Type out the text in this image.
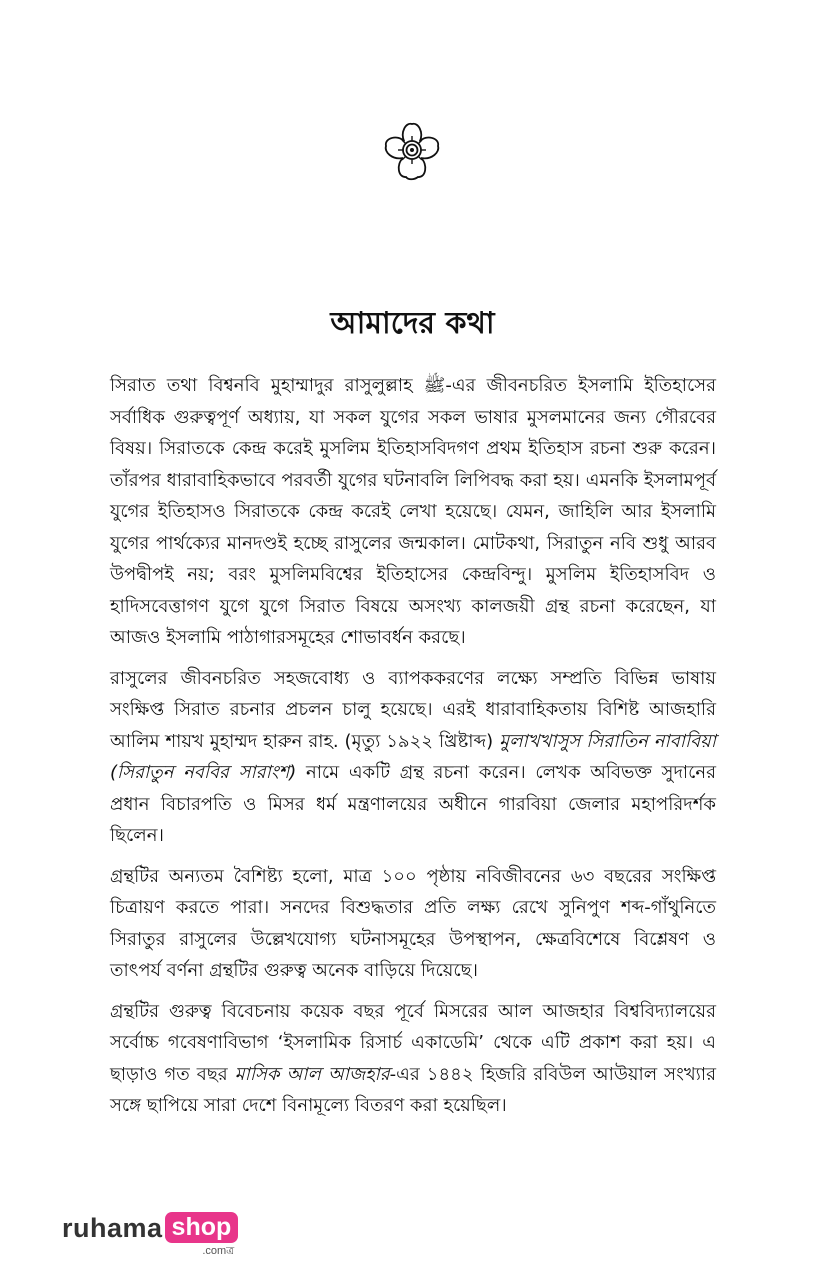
আমাদের কথা

সিরাত তথা বিশ্বনবি মুহাম্মাদুর রাসুলুল্লাহ ﷺ-এর জীবনচরিত ইসলামি ইতিহাসের সর্বাধিক গুরুত্বপূর্ণ অধ্যায়, যা সকল যুগের সকল ভাষার মুসলমানের জন্য গৌরবের বিষয়। সিরাতকে কেন্দ্র করেই মুসলিম ইতিহাসবিদগণ প্রথম ইতিহাস রচনা শুরু করেন। তাঁরপর ধারাবাহিকভাবে পরবর্তী যুগের ঘটনাবলি লিপিবদ্ধ করা হয়। এমনকি ইসলামপূর্ব যুগের ইতিহাসও সিরাতকে কেন্দ্র করেই লেখা হয়েছে। যেমন, জাহিলি আর ইসলামি যুগের পার্থক্যের মানদণ্ডই হচ্ছে রাসুলের জন্মকাল। মোটকথা, সিরাতুন নবি শুধু আরব উপদ্বীপই নয়; বরং মুসলিমবিশ্বের ইতিহাসের কেন্দ্রবিন্দু। মুসলিম ইতিহাসবিদ ও হাদিসবেত্তাগণ যুগে যুগে সিরাত বিষয়ে অসংখ্য কালজয়ী গ্রন্থ রচনা করেছেন, যা আজও ইসলামি পাঠাগারসমূহের শোভাবর্ধন করছে।

রাসুলের জীবনচরিত সহজবোধ্য ও ব্যাপককরণের লক্ষ্যে সম্প্রতি বিভিন্ন ভাষায় সংক্ষিপ্ত সিরাত রচনার প্রচলন চালু হয়েছে। এরই ধারাবাহিকতায় বিশিষ্ট আজহারি আলিম শায়খ মুহাম্মদ হারুন রাহ. (মৃত্যু ১৯২২ খ্রিষ্টাব্দ) মুলাখখাসুস সিরাতিন নাবাবিয়া (সিরাতুন নববির সারাংশ) নামে একটি গ্রন্থ রচনা করেন। লেখক অবিভক্ত সুদানের প্রধান বিচারপতি ও মিসর ধর্ম মন্ত্রণালয়ের অধীনে গারবিয়া জেলার মহাপরিদর্শক ছিলেন।

গ্রন্থটির অন্যতম বৈশিষ্ট্য হলো, মাত্র ১০০ পৃষ্ঠায় নবিজীবনের ৬৩ বছরের সংক্ষিপ্ত চিত্রায়ণ করতে পারা। সনদের বিশুদ্ধতার প্রতি লক্ষ্য রেখে সুনিপুণ শব্দ-গাঁথুনিতে সিরাতুর রাসুলের উল্লেখযোগ্য ঘটনাসমূহের উপস্থাপন, ক্ষেত্রবিশেষে বিশ্লেষণ ও তাৎপর্য বর্ণনা গ্রন্থটির গুরুত্ব অনেক বাড়িয়ে দিয়েছে।

গ্রন্থটির গুরুত্ব বিবেচনায় কয়েক বছর পূর্বে মিসরের আল আজহার বিশ্ববিদ্যালয়ের সর্বোচ্চ গবেষণাবিভাগ ‘ইসলামিক রিসার্চ একাডেমি’ থেকে এটি প্রকাশ করা হয়। এ ছাড়াও গত বছর মাসিক আল আজহার-এর ১৪৪২ হিজরি রবিউল আউয়াল সংখ্যার সঙ্গে ছাপিয়ে সারা দেশে বিনামূল্যে বিতরণ করা হয়েছিল।

ruhama shop
.comত্র
